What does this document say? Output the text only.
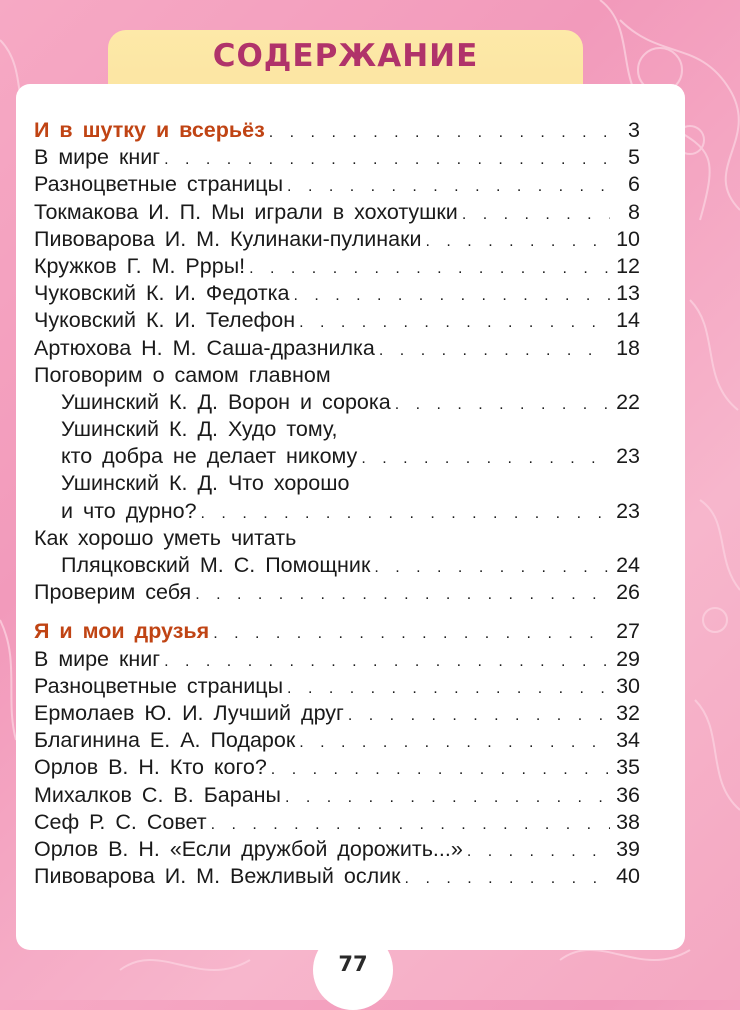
СОДЕРЖАНИЕ
И в шутку и всерьёз . . .	3
В мире книг . . .	5
Разноцветные страницы . . .	6
Токмакова И. П. Мы играли в хохотушки . . .	8
Пивоварова И. М. Кулинаки-пулинаки . . .	10
Кружков Г. М. Ррры! . . .	12
Чуковский К. И. Федотка . . .	13
Чуковский К. И. Телефон . . .	14
Артюхова Н. М. Саша-дразнилка . . .	18
Поговорим о самом главном
Ушинский К. Д. Ворон и сорока . . .	22
Ушинский К. Д. Худо тому,
кто добра не делает никому . . .	23
Ушинский К. Д. Что хорошо
и что дурно? . . .	23
Как хорошо уметь читать
Пляцковский М. С. Помощник . . .	24
Проверим себя . . .	26
Я и мои друзья . . .	27
В мире книг . . .	29
Разноцветные страницы . . .	30
Ермолаев Ю. И. Лучший друг . . .	32
Благинина Е. А. Подарок . . .	34
Орлов В. Н. Кто кого? . . .	35
Михалков С. В. Бараны . . .	36
Сеф Р. С. Совет . . .	38
Орлов В. Н. «Если дружбой дорожить...» . . .	39
Пивоварова И. М. Вежливый ослик . . .	40
77
